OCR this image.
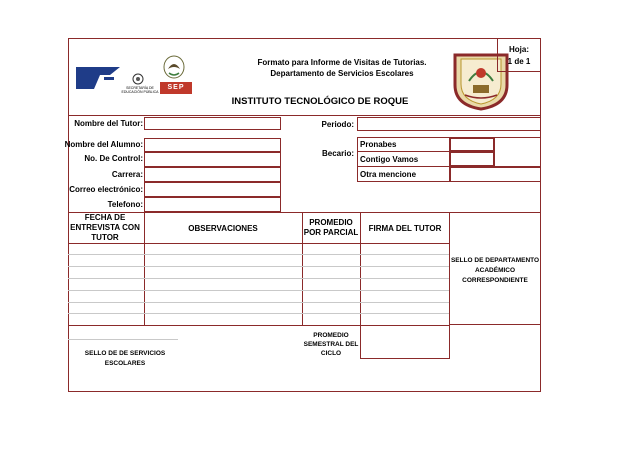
SECRETARÍA DE
EDUCACIÓN PÚBLICA
SEP
Formato para Informe de Visitas de Tutorias.
Departamento de Servicios Escolares
INSTITUTO TECNOLÓGICO DE ROQUE
Hoja:
1 de 1
Nombre del Tutor:
Nombre del Alumno:
No. De Control:
Carrera:
Correo electrónico:
Telefono:
Periodo:
Becario:
Pronabes
Contigo Vamos
Otra mencione
FECHA DE
ENTREVISTA CON
TUTOR
OBSERVACIONES
PROMEDIO
POR PARCIAL	FIRMA DEL TUTOR
SELLO DE DEPARTAMENTO
ACADÉMICO
CORRESPONDIENTE
PROMEDIO
SEMESTRAL DEL
CICLO
SELLO DE DE SERVICIOS
ESCOLARES
